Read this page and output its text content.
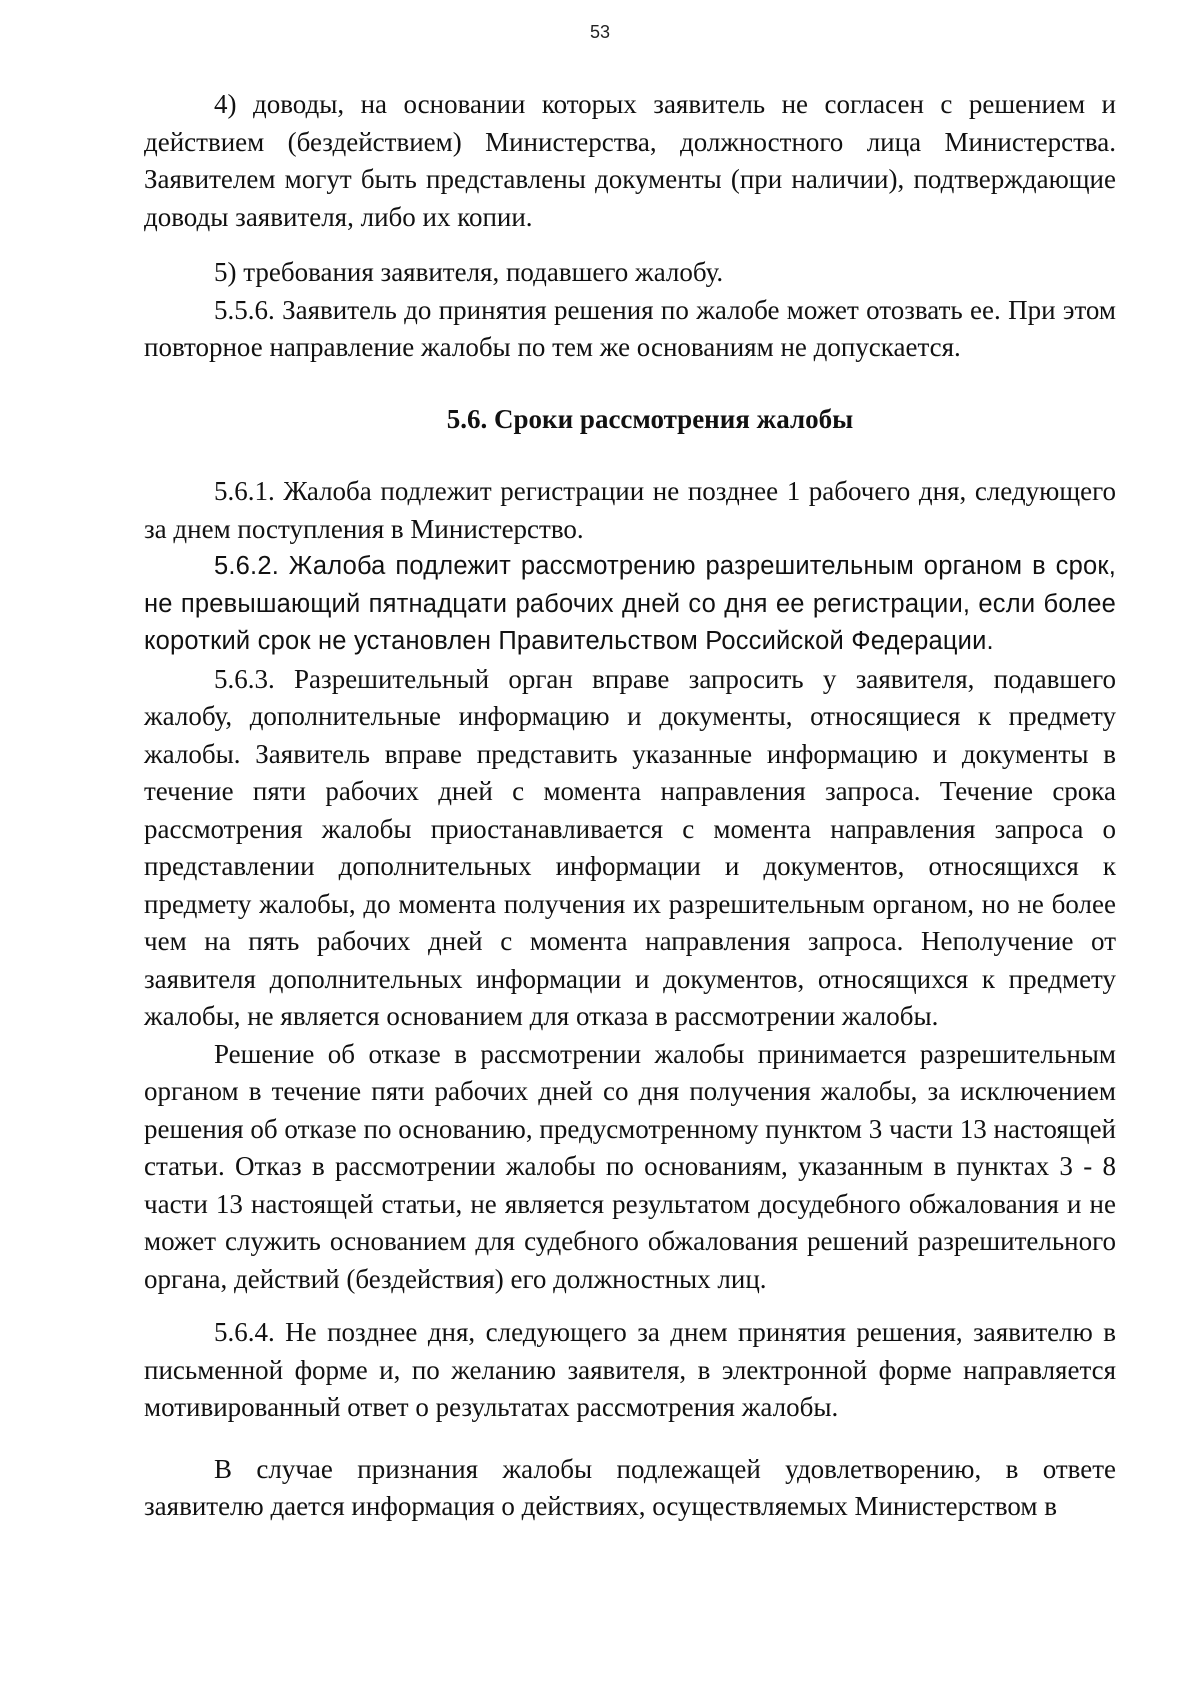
53

4) доводы, на основании которых заявитель не согласен с решением и действием (бездействием) Министерства, должностного лица Министерства. Заявителем могут быть представлены документы (при наличии), подтверждающие доводы заявителя, либо их копии.

5) требования заявителя, подавшего жалобу.

5.5.6. Заявитель до принятия решения по жалобе может отозвать ее. При этом повторное направление жалобы по тем же основаниям не допускается.

5.6. Сроки рассмотрения жалобы

5.6.1. Жалоба подлежит регистрации не позднее 1 рабочего дня, следующего за днем поступления в Министерство.

5.6.2. Жалоба подлежит рассмотрению разрешительным органом в срок, не превышающий пятнадцати рабочих дней со дня ее регистрации, если более короткий срок не установлен Правительством Российской Федерации.

5.6.3. Разрешительный орган вправе запросить у заявителя, подавшего жалобу, дополнительные информацию и документы, относящиеся к предмету жалобы. Заявитель вправе представить указанные информацию и документы в течение пяти рабочих дней с момента направления запроса. Течение срока рассмотрения жалобы приостанавливается с момента направления запроса о представлении дополнительных информации и документов, относящихся к предмету жалобы, до момента получения их разрешительным органом, но не более чем на пять рабочих дней с момента направления запроса. Неполучение от заявителя дополнительных информации и документов, относящихся к предмету жалобы, не является основанием для отказа в рассмотрении жалобы.

Решение об отказе в рассмотрении жалобы принимается разрешительным органом в течение пяти рабочих дней со дня получения жалобы, за исключением решения об отказе по основанию, предусмотренному пунктом 3 части 13 настоящей статьи. Отказ в рассмотрении жалобы по основаниям, указанным в пунктах 3 - 8 части 13 настоящей статьи, не является результатом досудебного обжалования и не может служить основанием для судебного обжалования решений разрешительного органа, действий (бездействия) его должностных лиц.

5.6.4. Не позднее дня, следующего за днем принятия решения, заявителю в письменной форме и, по желанию заявителя, в электронной форме направляется мотивированный ответ о результатах рассмотрения жалобы.

В случае признания жалобы подлежащей удовлетворению, в ответе заявителю дается информация о действиях, осуществляемых Министерством в
